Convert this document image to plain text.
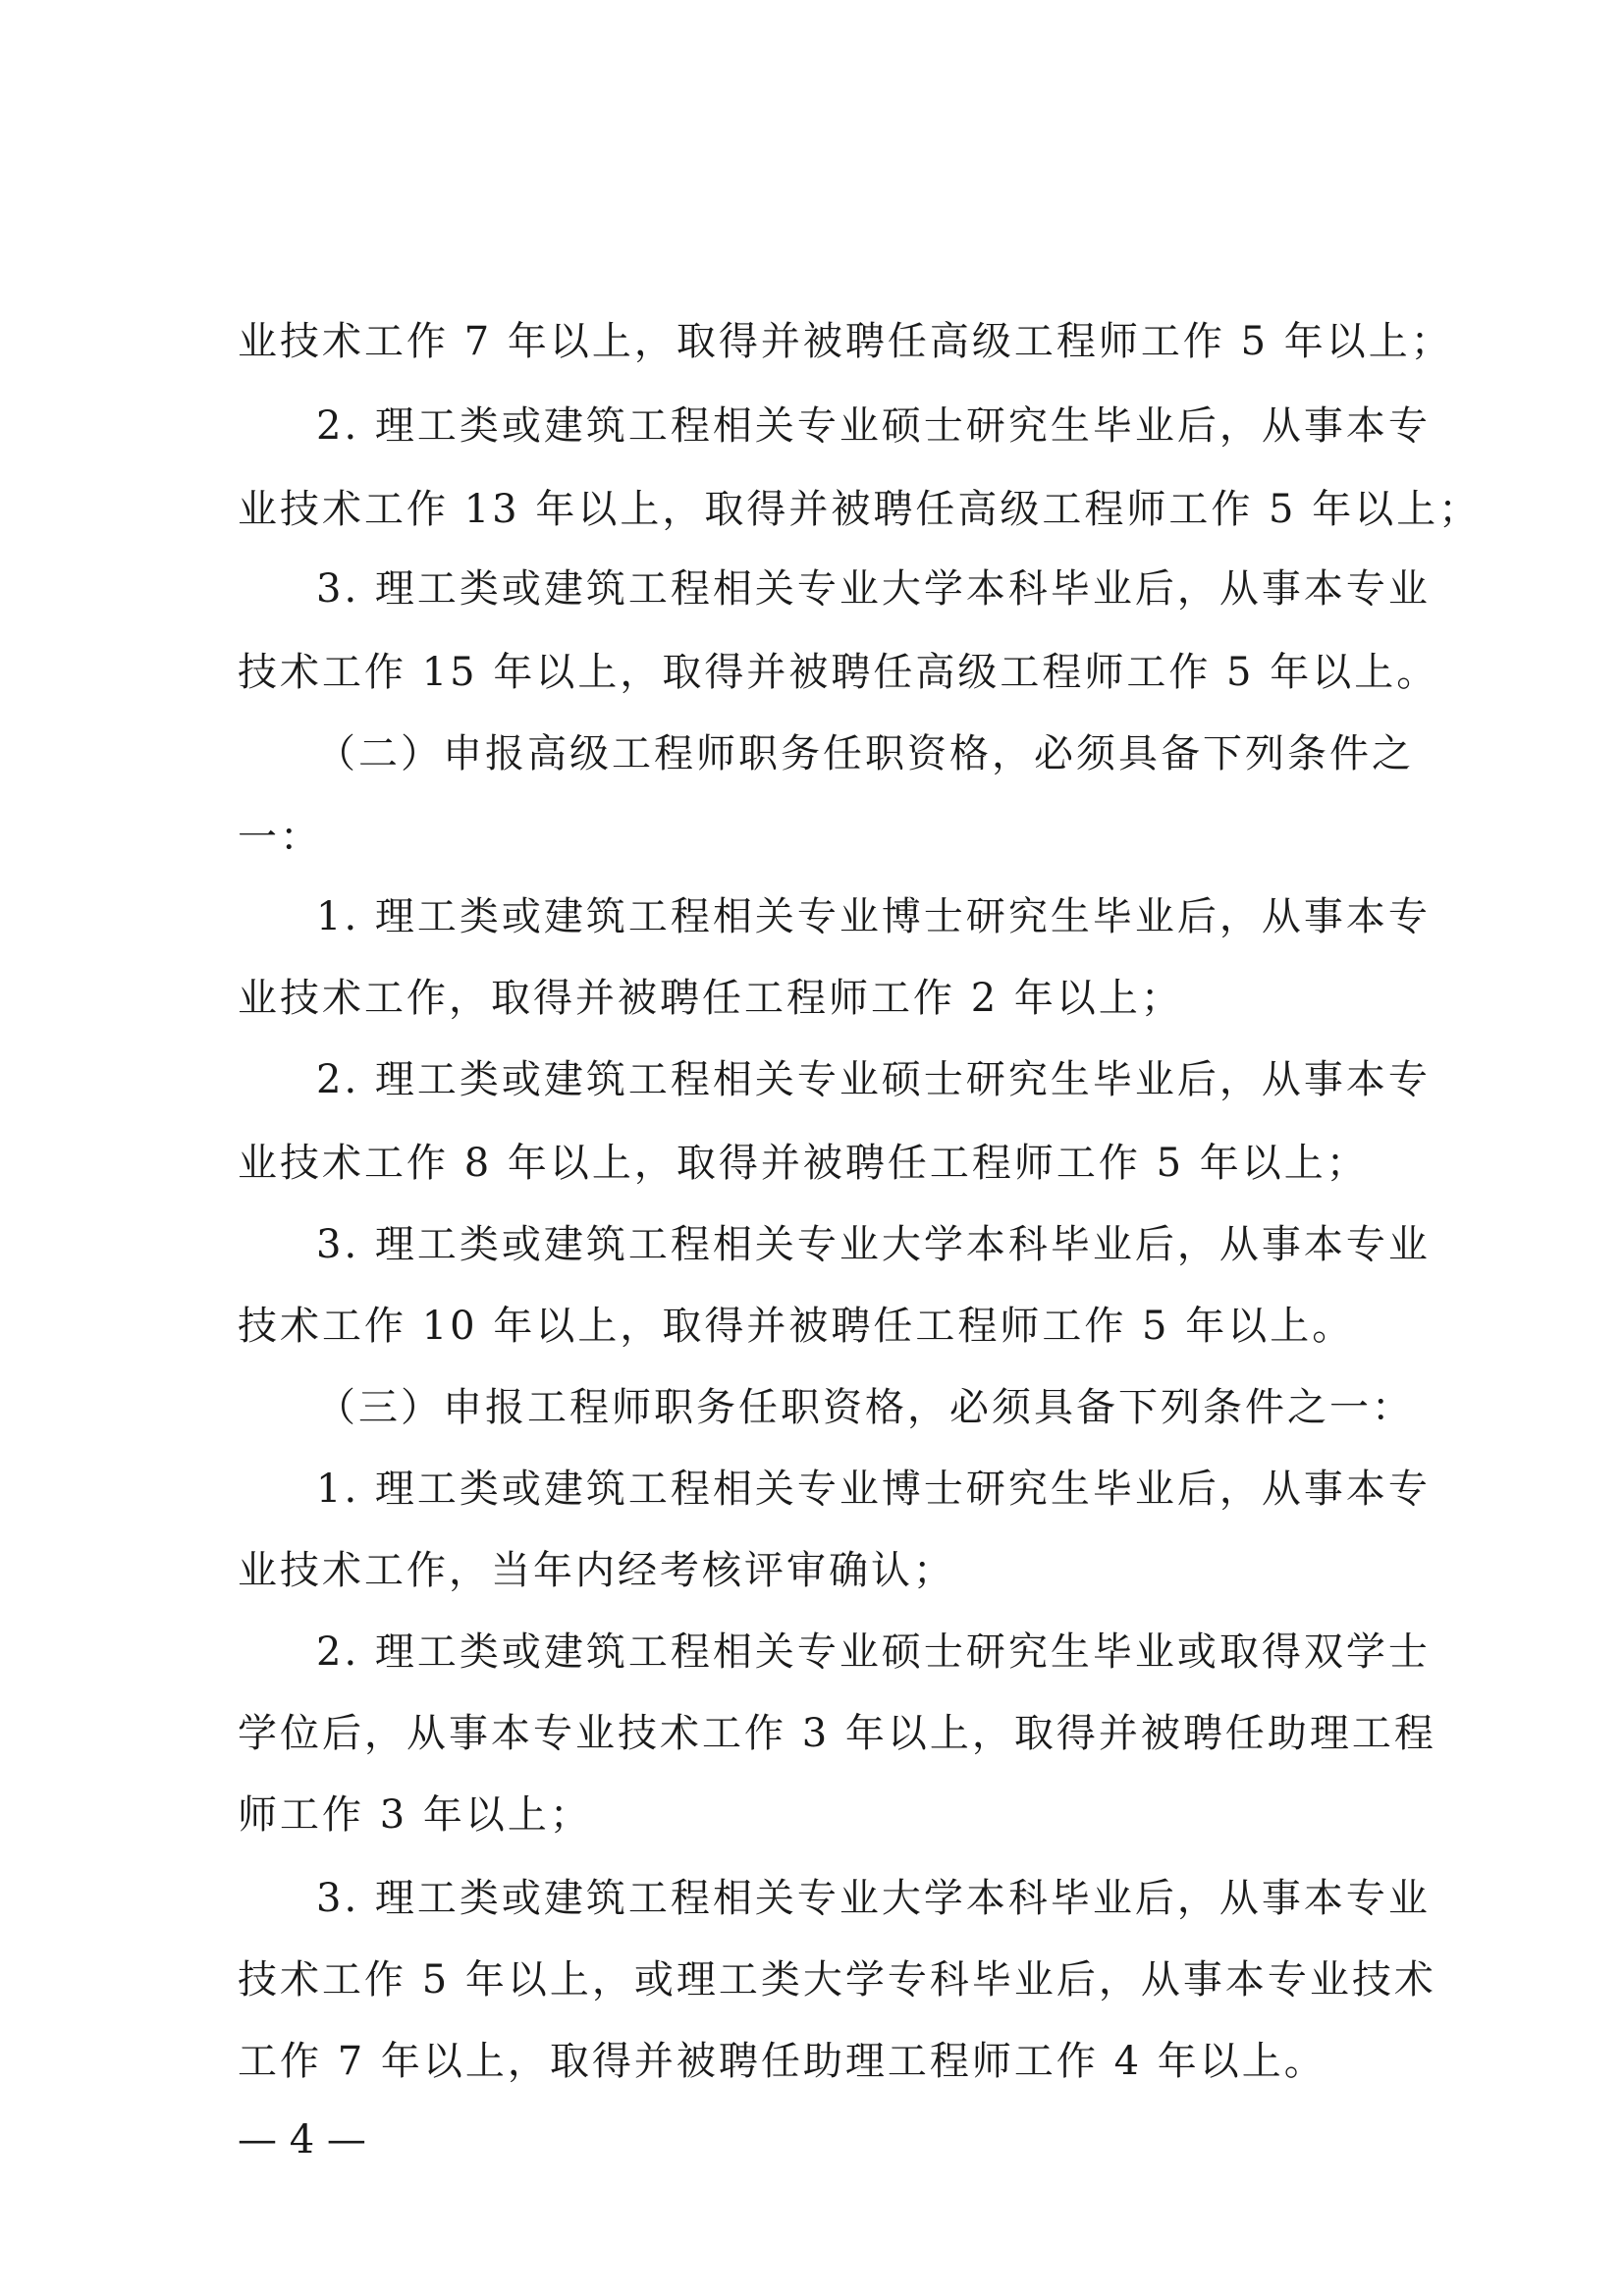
业技术工作 7 年以上，取得并被聘任高级工程师工作 5 年以上；
2. 理工类或建筑工程相关专业硕士研究生毕业后，从事本专
业技术工作 13 年以上，取得并被聘任高级工程师工作 5 年以上；
3. 理工类或建筑工程相关专业大学本科毕业后，从事本专业
技术工作 15 年以上，取得并被聘任高级工程师工作 5 年以上。
（二）申报高级工程师职务任职资格，必须具备下列条件之
一：
1. 理工类或建筑工程相关专业博士研究生毕业后，从事本专
业技术工作，取得并被聘任工程师工作 2 年以上；
2. 理工类或建筑工程相关专业硕士研究生毕业后，从事本专
业技术工作 8 年以上，取得并被聘任工程师工作 5 年以上；
3. 理工类或建筑工程相关专业大学本科毕业后，从事本专业
技术工作 10 年以上，取得并被聘任工程师工作 5 年以上。
（三）申报工程师职务任职资格，必须具备下列条件之一：
1. 理工类或建筑工程相关专业博士研究生毕业后，从事本专
业技术工作，当年内经考核评审确认；
2. 理工类或建筑工程相关专业硕士研究生毕业或取得双学士
学位后，从事本专业技术工作 3 年以上，取得并被聘任助理工程
师工作 3 年以上；
3. 理工类或建筑工程相关专业大学本科毕业后，从事本专业
技术工作 5 年以上，或理工类大学专科毕业后，从事本专业技术
工作 7 年以上，取得并被聘任助理工程师工作 4 年以上。
— 4 —
